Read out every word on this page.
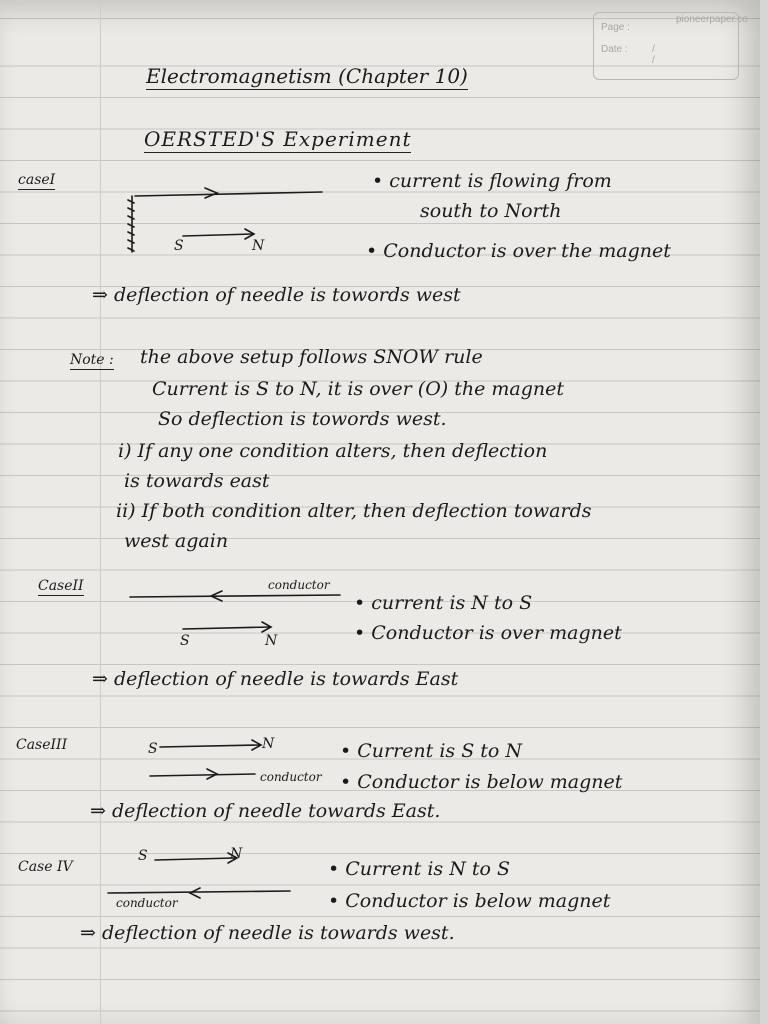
pioneerpaper.co
Page :
Date : / /
Electromagnetism (Chapter 10)
OERSTED'S Experiment
caseI
S	N
• current is flowing from
south to North
• Conductor is over the magnet
⇒ deflection of needle is towords west
Note : the above setup follows SNOW rule
Current is S to N, it is over (O) the magnet
So deflection is towords west.
i) If any one condition alters, then deflection
is towards east
ii) If both condition alter, then deflection towards
west again
CaseII	conductor
S	N
• current is N to S
• Conductor is over magnet
⇒ deflection of needle is towards East
CaseIII	S	N
conductor
• Current is S to N
• Conductor is below magnet
⇒ deflection of needle towards East.
Case IV
S	N
conductor
• Current is N to S
• Conductor is below magnet
⇒ deflection of needle is towards west.
